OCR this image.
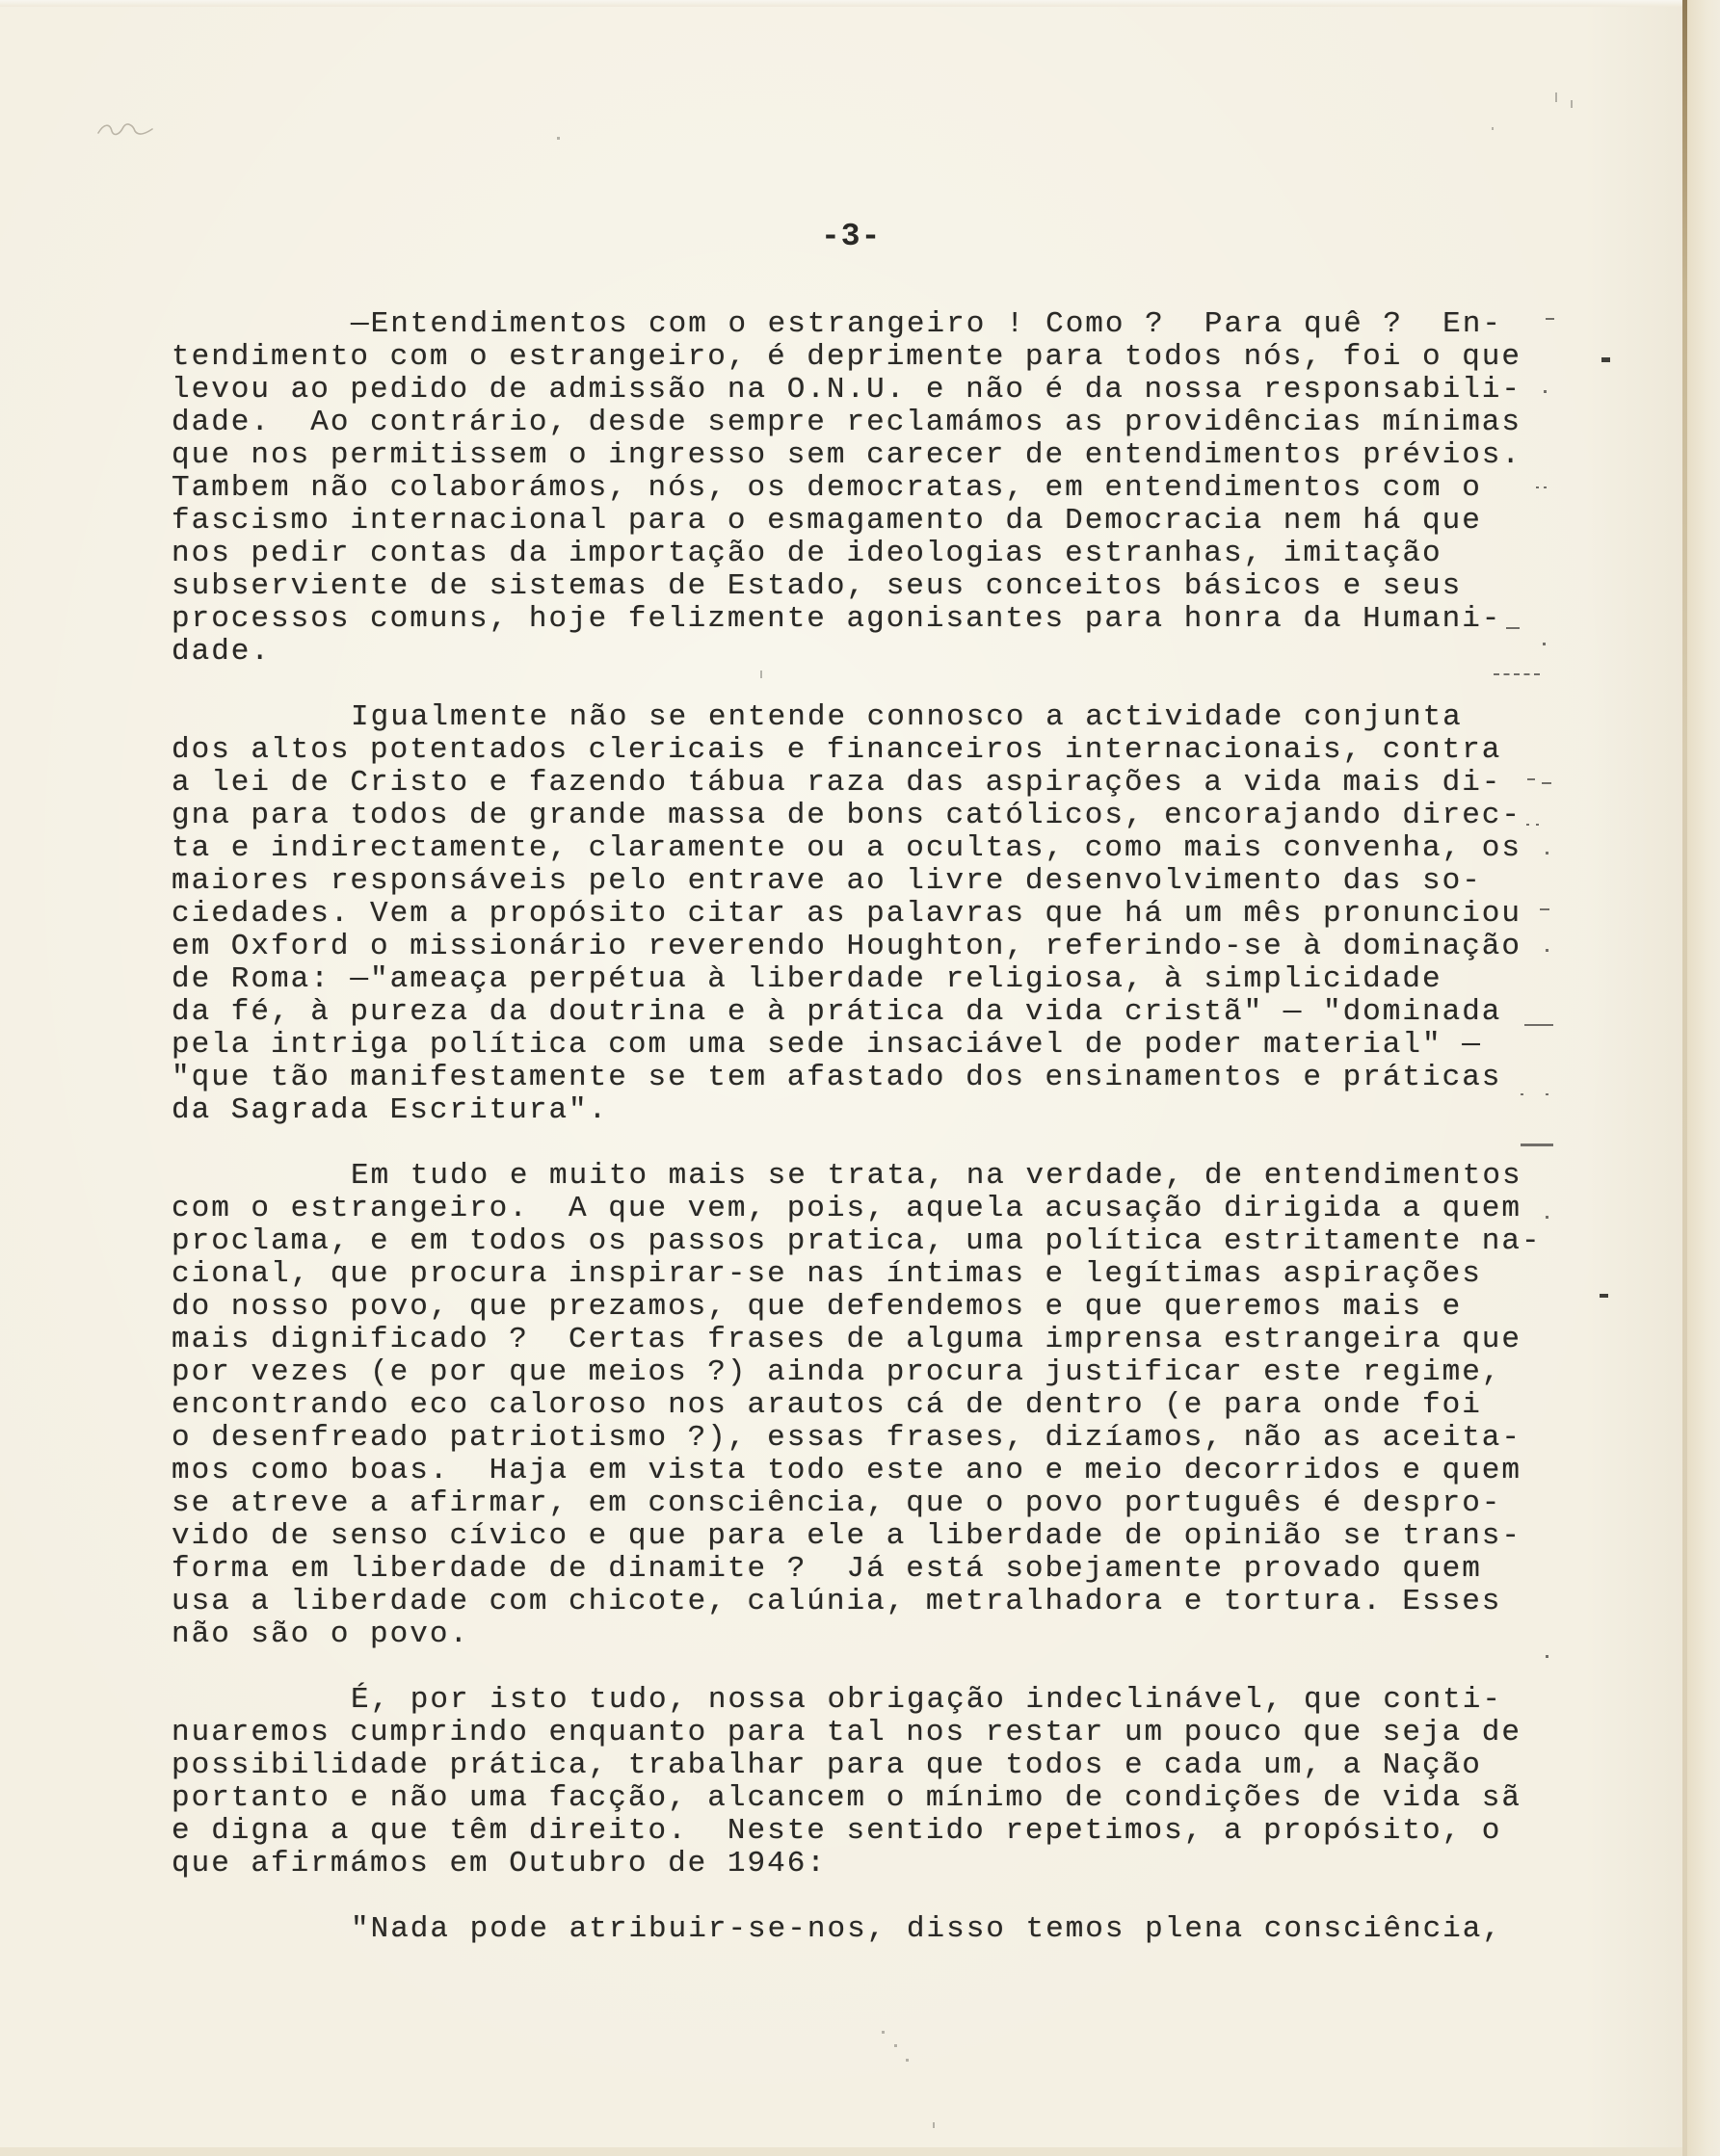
-3-
—Entendimentos com o estrangeiro ! Como ?  Para quê ?  En-
tendimento com o estrangeiro, é deprimente para todos nós, foi o que
levou ao pedido de admissão na O.N.U. e não é da nossa responsabili-
dade.  Ao contrário, desde sempre reclamámos as providências mínimas
que nos permitissem o ingresso sem carecer de entendimentos prévios.
Tambem não colaborámos, nós, os democratas, em entendimentos com o
fascismo internacional para o esmagamento da Democracia nem há que
nos pedir contas da importação de ideologias estranhas, imitação
subserviente de sistemas de Estado, seus conceitos básicos e seus
processos comuns, hoje felizmente agonisantes para honra da Humani-
dade.
Igualmente não se entende connosco a actividade conjunta
dos altos potentados clericais e financeiros internacionais, contra
a lei de Cristo e fazendo tábua raza das aspirações a vida mais di-
gna para todos de grande massa de bons católicos, encorajando direc-
ta e indirectamente, claramente ou a ocultas, como mais convenha, os
maiores responsáveis pelo entrave ao livre desenvolvimento das so-
ciedades. Vem a propósito citar as palavras que há um mês pronunciou
em Oxford o missionário reverendo Houghton, referindo-se à dominação
de Roma: —"ameaça perpétua à liberdade religiosa, à simplicidade
da fé, à pureza da doutrina e à prática da vida cristã" — "dominada
pela intriga política com uma sede insaciável de poder material" —
"que tão manifestamente se tem afastado dos ensinamentos e práticas
da Sagrada Escritura".
Em tudo e muito mais se trata, na verdade, de entendimentos
com o estrangeiro.  A que vem, pois, aquela acusação dirigida a quem
proclama, e em todos os passos pratica, uma política estritamente na-
cional, que procura inspirar-se nas íntimas e legítimas aspirações
do nosso povo, que prezamos, que defendemos e que queremos mais e
mais dignificado ?  Certas frases de alguma imprensa estrangeira que
por vezes (e por que meios ?) ainda procura justificar este regime,
encontrando eco caloroso nos arautos cá de dentro (e para onde foi
o desenfreado patriotismo ?), essas frases, dizíamos, não as aceita-
mos como boas.  Haja em vista todo este ano e meio decorridos e quem
se atreve a afirmar, em consciência, que o povo português é despro-
vido de senso cívico e que para ele a liberdade de opinião se trans-
forma em liberdade de dinamite ?  Já está sobejamente provado quem
usa a liberdade com chicote, calúnia, metralhadora e tortura. Esses
não são o povo.
É, por isto tudo, nossa obrigação indeclinável, que conti-
nuaremos cumprindo enquanto para tal nos restar um pouco que seja de
possibilidade prática, trabalhar para que todos e cada um, a Nação
portanto e não uma facção, alcancem o mínimo de condições de vida sã
e digna a que têm direito.  Neste sentido repetimos, a propósito, o
que afirmámos em Outubro de 1946:
"Nada pode atribuir-se-nos, disso temos plena consciência,
